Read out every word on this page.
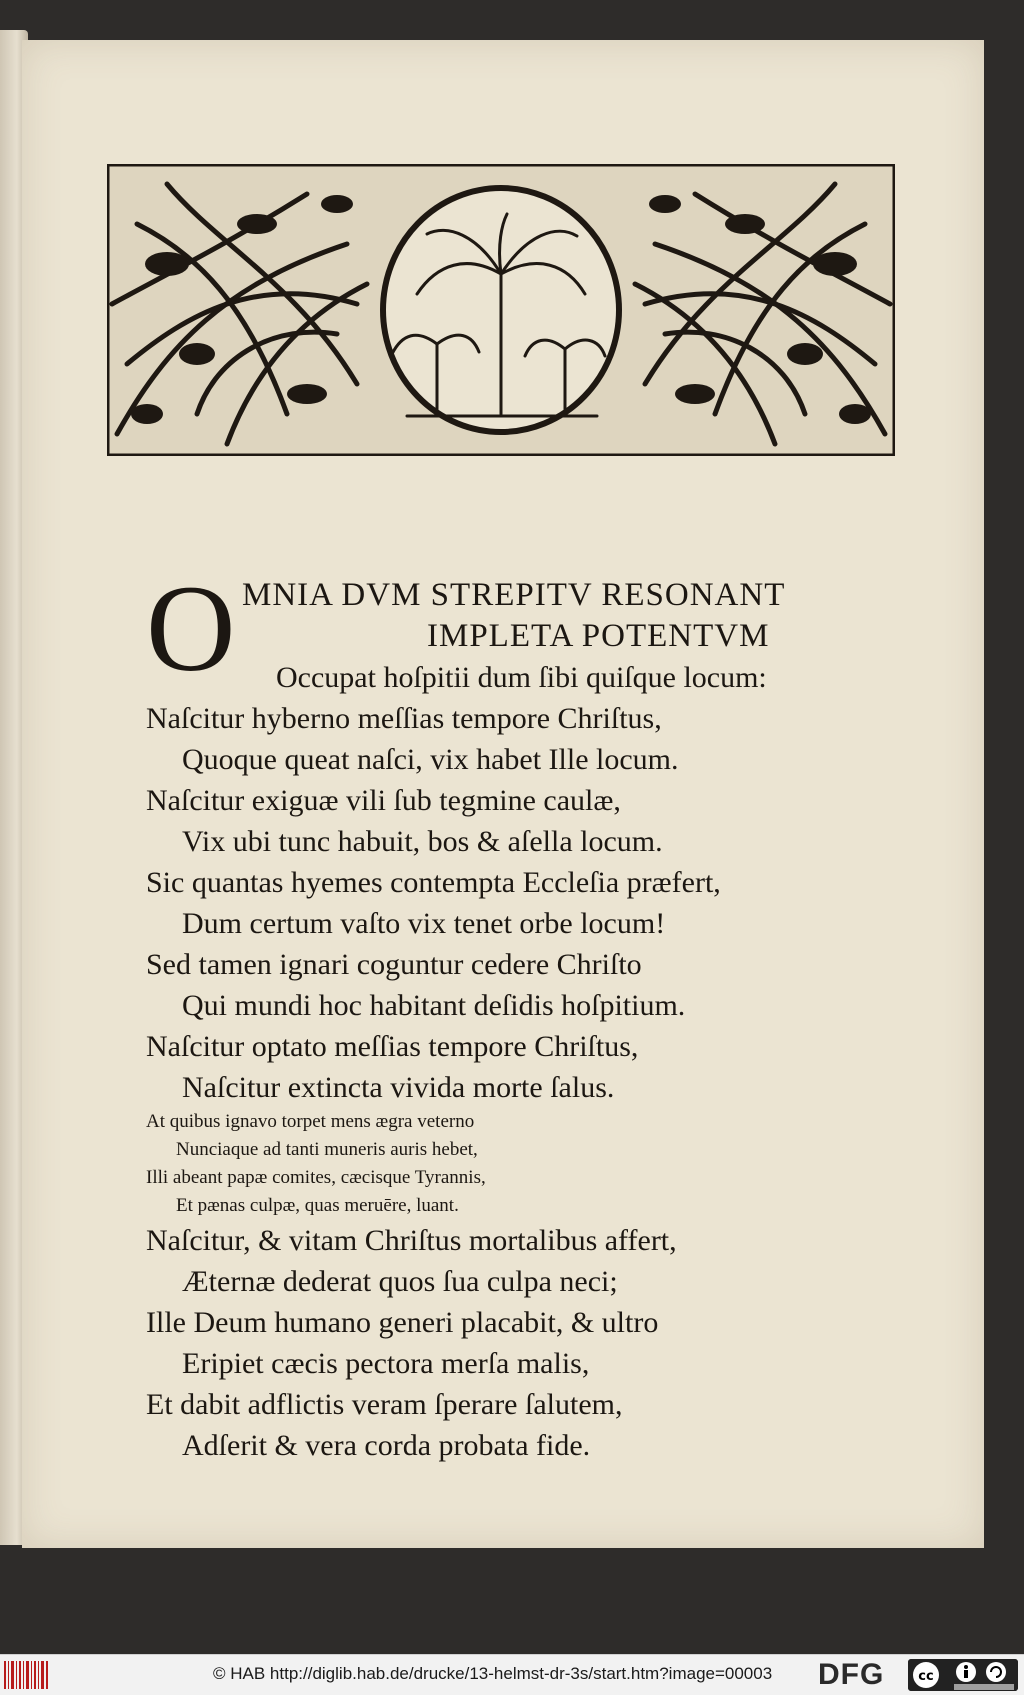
O MNIA DVM STREPITV RESONANT
IMPLETA POTENTVM
Occupat hoſpitii dum ſibi quiſque locum:
Naſcitur hyberno meſſias tempore Chriſtus,
Quoque queat naſci, vix habet Ille locum.
Naſcitur exiguæ vili ſub tegmine caulæ,
Vix ubi tunc habuit, bos & aſella locum.
Sic quantas hyemes contempta Eccleſia præfert,
Dum certum vaſto vix tenet orbe locum!
Sed tamen ignari coguntur cedere Chriſto
Qui mundi hoc habitant deſidis hoſpitium.
Naſcitur optato meſſias tempore Chriſtus,
Naſcitur extincta vivida morte ſalus.
At quibus ignavo torpet mens ægra veterno
Nunciaque ad tanti muneris auris hebet,
Illi abeant papæ comites, cæcisque Tyrannis,
Et pænas culpæ, quas meruēre, luant.
Naſcitur, & vitam Chriſtus mortalibus affert,
Æternæ dederat quos ſua culpa neci;
Ille Deum humano generi placabit, & ultro
Eripiet cæcis pectora merſa malis,
Et dabit adflictis veram ſperare ſalutem,
Adſerit & vera corda probata fide.
© HAB http://diglib.hab.de/drucke/13-helmst-dr-3s/start.htm?image=00003 DFG	cc
